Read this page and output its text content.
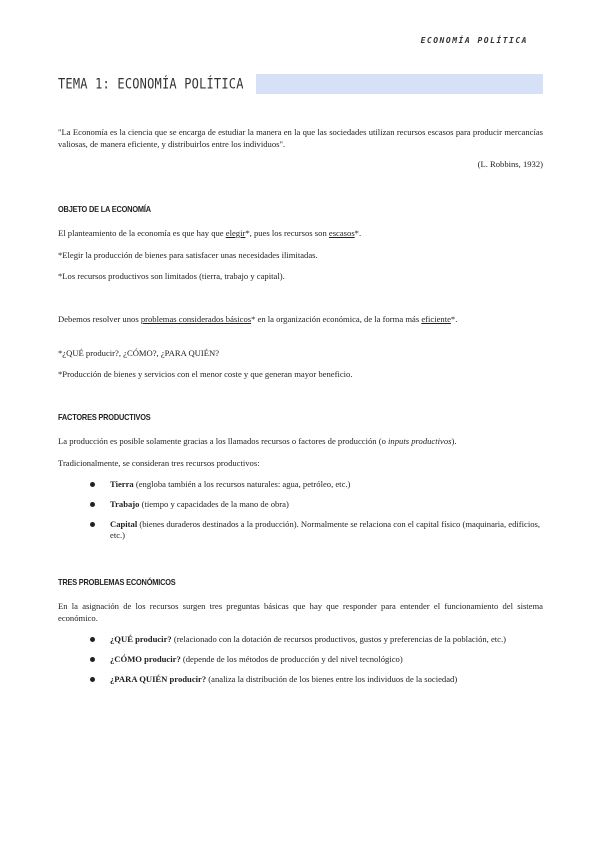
ECONOMÍA POLÍTICA
TEMA 1: ECONOMÍA POLÍTICA

"La Economía es la ciencia que se encarga de estudiar la manera en la que las sociedades utilizan recursos escasos para producir mercancías valiosas, de manera eficiente, y distribuirlos entre los individuos".

(L. Robbins, 1932)

OBJETO DE LA ECONOMÍA

El planteamiento de la economía es que hay que elegir*, pues los recursos son escasos*.

*Elegir la producción de bienes para satisfacer unas necesidades ilimitadas.

*Los recursos productivos son limitados (tierra, trabajo y capital).

Debemos resolver unos problemas considerados básicos* en la organización económica, de la forma más eficiente*.

*¿QUÉ producir?, ¿CÓMO?, ¿PARA QUIÉN?

*Producción de bienes y servicios con el menor coste y que generan mayor beneficio.

FACTORES PRODUCTIVOS

La producción es posible solamente gracias a los llamados recursos o factores de producción (o inputs productivos).

Tradicionalmente, se consideran tres recursos productivos:

Tierra (engloba también a los recursos naturales: agua, petróleo, etc.)
Trabajo (tiempo y capacidades de la mano de obra)
Capital (bienes duraderos destinados a la producción). Normalmente se relaciona con el capital físico (maquinaria, edificios, etc.)
TRES PROBLEMAS ECONÓMICOS

En la asignación de los recursos surgen tres preguntas básicas que hay que responder para entender el funcionamiento del sistema económico.

¿QUÉ producir? (relacionado con la dotación de recursos productivos, gustos y preferencias de la población, etc.)
¿CÓMO producir? (depende de los métodos de producción y del nivel tecnológico)
¿PARA QUIÉN producir? (analiza la distribución de los bienes entre los individuos de la sociedad)
